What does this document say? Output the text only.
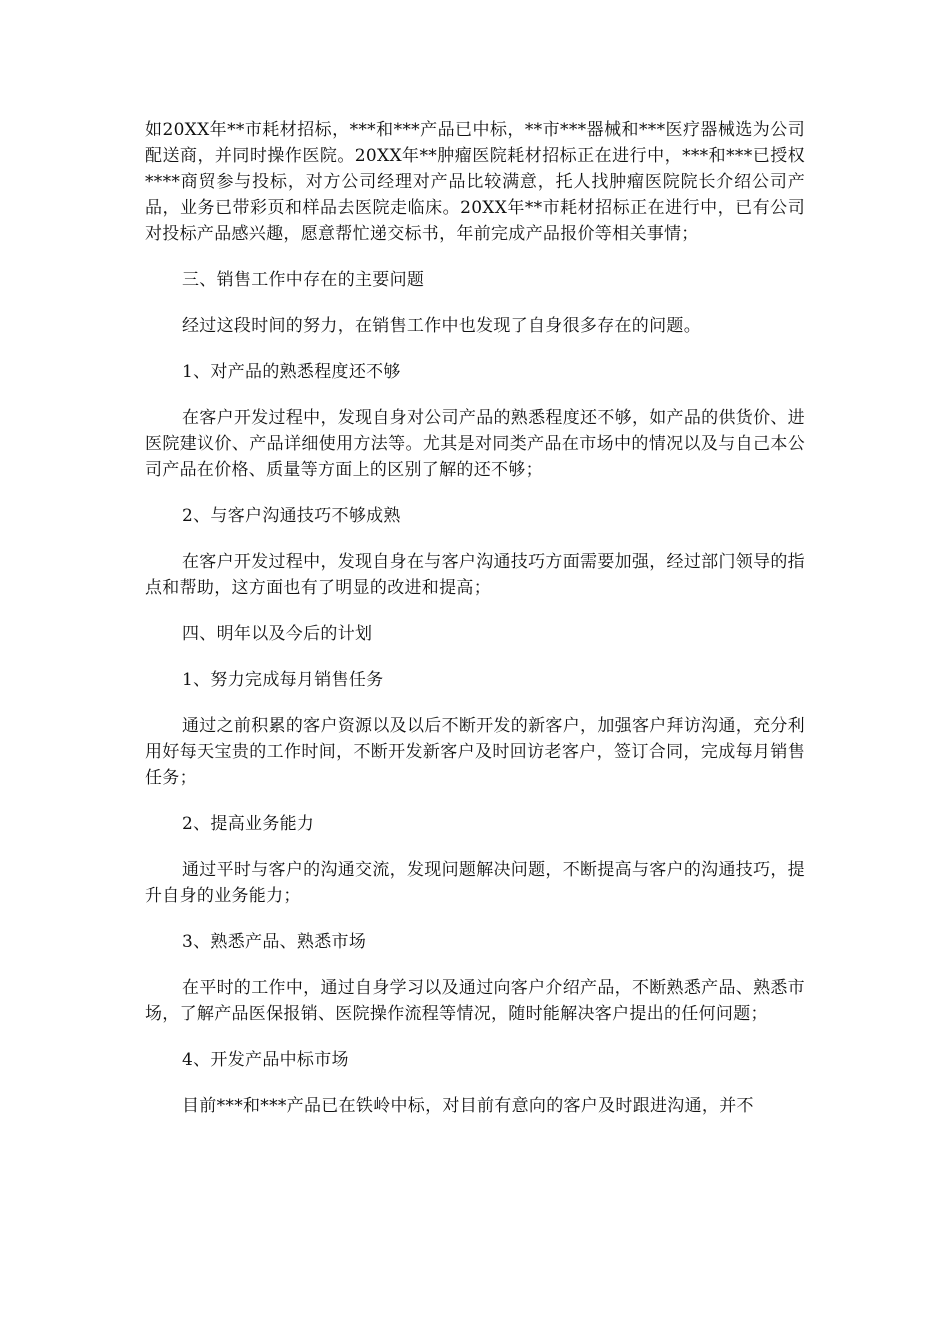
如20XX年**市耗材招标，***和***产品已中标，**市***器械和***医疗器械选为公司配送商，并同时操作医院。20XX年**肿瘤医院耗材招标正在进行中，***和***已授权****商贸参与投标，对方公司经理对产品比较满意，托人找肿瘤医院院长介绍公司产品，业务已带彩页和样品去医院走临床。20XX年**市耗材招标正在进行中，已有公司对投标产品感兴趣，愿意帮忙递交标书，年前完成产品报价等相关事情；

三、销售工作中存在的主要问题

经过这段时间的努力，在销售工作中也发现了自身很多存在的问题。

1、对产品的熟悉程度还不够

在客户开发过程中，发现自身对公司产品的熟悉程度还不够，如产品的供货价、进医院建议价、产品详细使用方法等。尤其是对同类产品在市场中的情况以及与自己本公司产品在价格、质量等方面上的区别了解的还不够；

2、与客户沟通技巧不够成熟

在客户开发过程中，发现自身在与客户沟通技巧方面需要加强，经过部门领导的指点和帮助，这方面也有了明显的改进和提高；

四、明年以及今后的计划

1、努力完成每月销售任务

通过之前积累的客户资源以及以后不断开发的新客户，加强客户拜访沟通，充分利用好每天宝贵的工作时间，不断开发新客户及时回访老客户，签订合同，完成每月销售任务；

2、提高业务能力

通过平时与客户的沟通交流，发现问题解决问题，不断提高与客户的沟通技巧，提升自身的业务能力；

3、熟悉产品、熟悉市场

在平时的工作中，通过自身学习以及通过向客户介绍产品，不断熟悉产品、熟悉市场，了解产品医保报销、医院操作流程等情况，随时能解决客户提出的任何问题；

4、开发产品中标市场

目前***和***产品已在铁岭中标，对目前有意向的客户及时跟进沟通，并不
